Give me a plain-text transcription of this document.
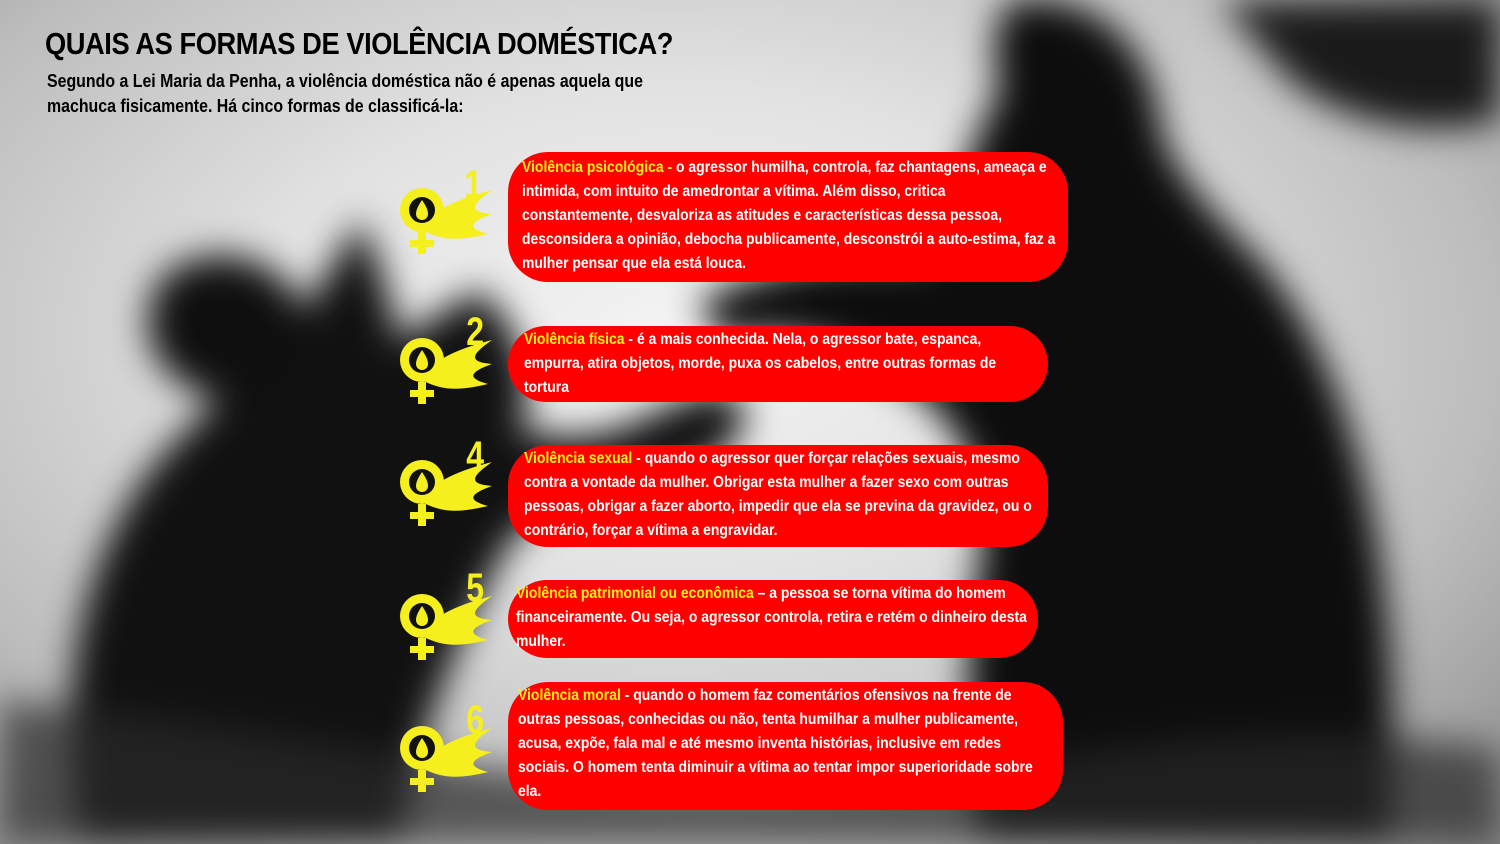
QUAIS AS FORMAS DE VIOLÊNCIA DOMÉSTICA?

Segundo a Lei Maria da Penha, a violência doméstica não é apenas aquela que machuca fisicamente. Há cinco formas de classificá-la:

1	Violência psicológica - o agressor humilha, controla, faz chantagens, ameaça e intimida, com intuito de amedrontar a vítima. Além disso, critica constantemente, desvaloriza as atitudes e características dessa pessoa, desconsidera a opinião, debocha publicamente, desconstrói a auto-estima, faz a mulher pensar que ela está louca.

2	Violência física - é a mais conhecida. Nela, o agressor bate, espanca, empurra, atira objetos, morde, puxa os cabelos, entre outras formas de tortura

4	Violência sexual - quando o agressor quer forçar relações sexuais, mesmo contra a vontade da mulher. Obrigar esta mulher a fazer sexo com outras pessoas, obrigar a fazer aborto, impedir que ela se previna da gravidez, ou o contrário, forçar a vítima a engravidar.

5 Violência patrimonial ou econômica – a pessoa se torna vítima do homem financeiramente. Ou seja, o agressor controla, retira e retém o dinheiro desta mulher.

6

Violência moral - quando o homem faz comentários ofensivos na frente de outras pessoas, conhecidas ou não, tenta humilhar a mulher publicamente, acusa, expõe, fala mal e até mesmo inventa histórias, inclusive em redes sociais. O homem tenta diminuir a vítima ao tentar impor superioridade sobre ela.
